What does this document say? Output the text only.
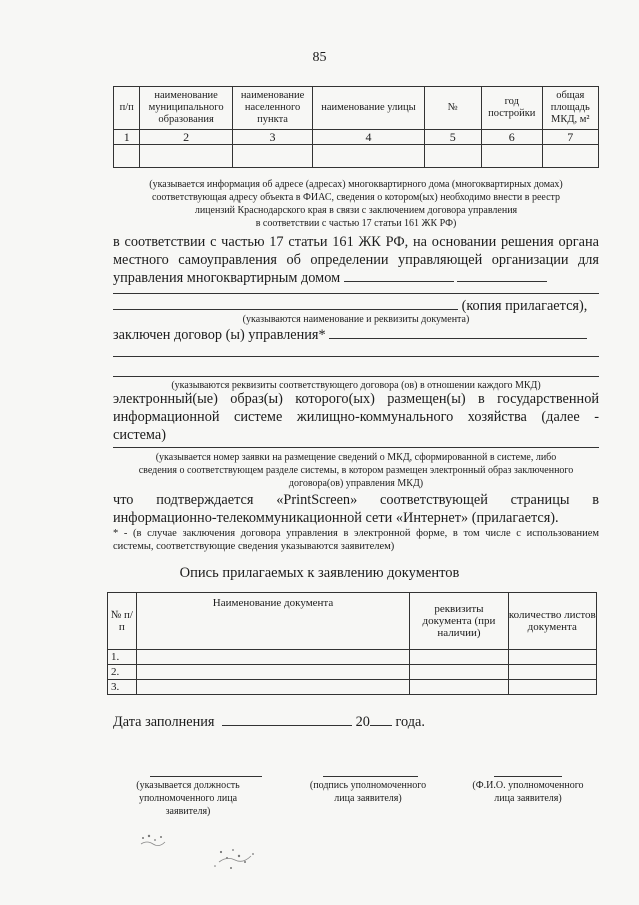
85
п/п	наименование муниципального образования	наименование населенного пункта	наименование улицы	№	год постройки	общая площадь МКД, м²
1	2	3	4	5	6	7

(указывается информация об адресе (адресах) многоквартирного дома (многоквартирных домах)
соответствующая адресу объекта в ФИАС, сведения о котором(ых) необходимо внести в реестр
лицензий Краснодарского края в связи с заключением договора управления
в соответствии с частью 17 статьи 161 ЖК РФ)
в соответствии с частью 17 статьи 161 ЖК РФ, на основании решения органа местного самоуправления об определении управляющей организации для управления многоквартирным домом
(копия прилагается),
(указываются наименование и реквизиты документа)
заключен договор (ы) управления*
(указываются реквизиты соответствующего договора (ов) в отношении каждого МКД)
электронный(ые) образ(ы) которого(ых) размещен(ы) в государственной информационной системе жилищно-коммунального хозяйства (далее - система)
(указывается номер заявки на размещение сведений о МКД, сформированной в системе, либо
сведения о соответствующем разделе системы, в котором размещен электронный образ заключенного
договора(ов) управления МКД)
что подтверждается «PrintScreen» соответствующей страницы в
информационно-телекоммуникационной сети «Интернет» (прилагается).
* - (в случае заключения договора управления в электронной форме, в том числе с использованием системы, соответствующие сведения указываются заявителем)
Опись прилагаемых к заявлению документов
№ п/п	Наименование документа	реквизиты документа (при наличии)	количество листов документа
1.			
2.			
3.			
Дата заполнения	20 года.
(указывается должность уполномоченного лица заявителя)
(подпись уполномоченного лица заявителя)
(Ф.И.О. уполномоченного лица заявителя)
